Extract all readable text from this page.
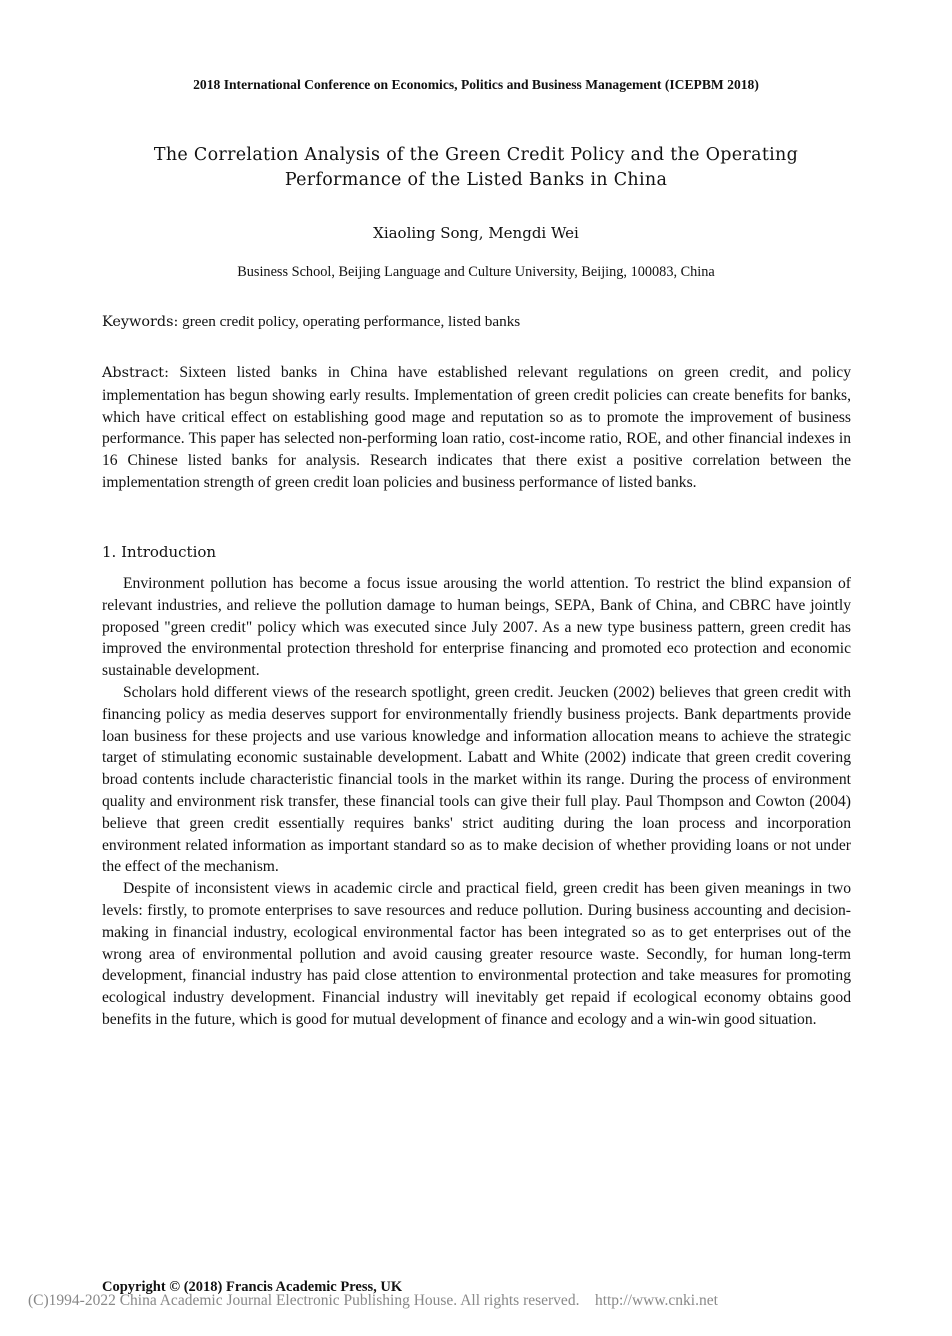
2018 International Conference on Economics, Politics and Business Management (ICEPBM 2018)
The Correlation Analysis of the Green Credit Policy and the Operating
Performance of the Listed Banks in China
Xiaoling Song, Mengdi Wei
Business School, Beijing Language and Culture University, Beijing, 100083, China
Keywords: green credit policy, operating performance, listed banks

Abstract: Sixteen listed banks in China have established relevant regulations on green credit, and policy implementation has begun showing early results. Implementation of green credit policies can create benefits for banks, which have critical effect on establishing good mage and reputation so as to promote the improvement of business performance. This paper has selected non-performing loan ratio, cost-income ratio, ROE, and other financial indexes in 16 Chinese listed banks for analysis. Research indicates that there exist a positive correlation between the implementation strength of green credit loan policies and business performance of listed banks.

1. Introduction

Environment pollution has become a focus issue arousing the world attention. To restrict the blind expansion of relevant industries, and relieve the pollution damage to human beings, SEPA, Bank of China, and CBRC have jointly proposed "green credit" policy which was executed since July 2007. As a new type business pattern, green credit has improved the environmental protection threshold for enterprise financing and promoted eco protection and economic sustainable development.

Scholars hold different views of the research spotlight, green credit. Jeucken (2002) believes that green credit with financing policy as media deserves support for environmentally friendly business projects. Bank departments provide loan business for these projects and use various knowledge and information allocation means to achieve the strategic target of stimulating economic sustainable development. Labatt and White (2002) indicate that green credit covering broad contents include characteristic financial tools in the market within its range. During the process of environment quality and environment risk transfer, these financial tools can give their full play. Paul Thompson and Cowton (2004) believe that green credit essentially requires banks' strict auditing during the loan process and incorporation environment related information as important standard so as to make decision of whether providing loans or not under the effect of the mechanism.

Despite of inconsistent views in academic circle and practical field, green credit has been given meanings in two levels: firstly, to promote enterprises to save resources and reduce pollution. During business accounting and decision-making in financial industry, ecological environmental factor has been integrated so as to get enterprises out of the wrong area of environmental pollution and avoid causing greater resource waste. Secondly, for human long-term development, financial industry has paid close attention to environmental protection and take measures for promoting ecological industry development. Financial industry will inevitably get repaid if ecological economy obtains good benefits in the future, which is good for mutual development of finance and ecology and a win-win good situation.

Copyright © (2018) Francis Academic Press, UK
(C)1994-2022 China Academic Journal Electronic Publishing House. All rights reserved.    http://www.cnki.net
